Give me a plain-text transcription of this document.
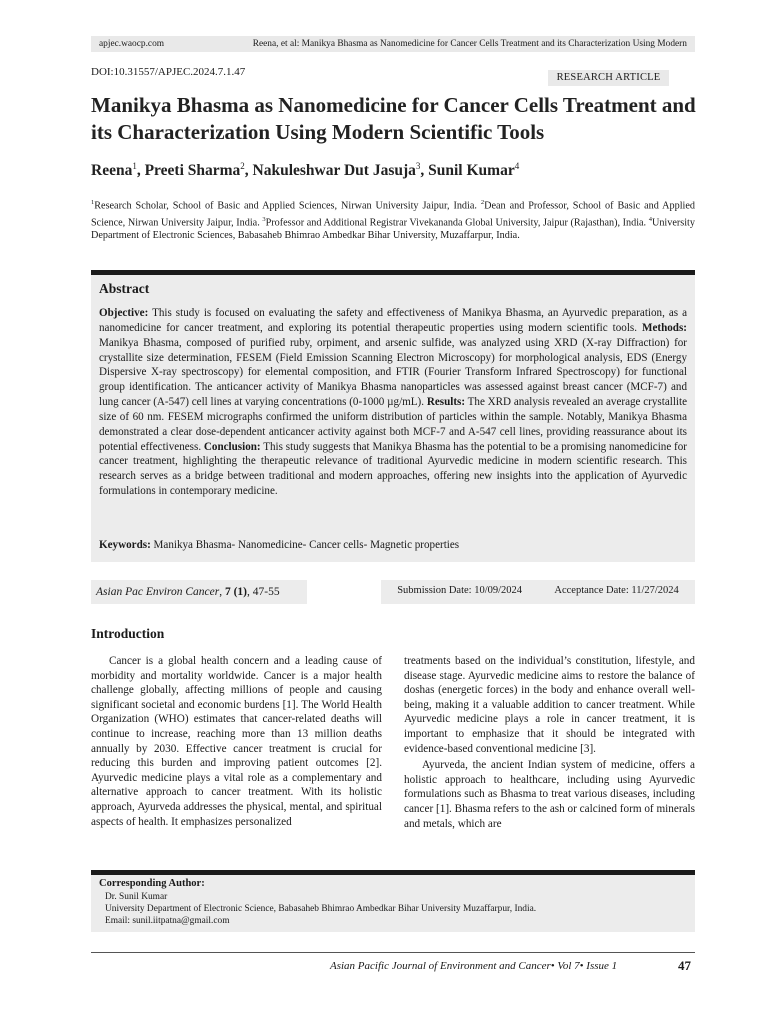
apjec.waocp.com	Reena, et al: Manikya Bhasma as Nanomedicine for Cancer Cells Treatment and its Characterization Using Modern
DOI:10.31557/APJEC.2024.7.1.47	RESEARCH ARTICLE
Manikya Bhasma as Nanomedicine for Cancer Cells Treatment and its Characterization Using Modern Scientific Tools
Reena$^1$, Preeti Sharma$^2$, Nakuleshwar Dut Jasuja$^3$, Sunil Kumar$^4$
$^1$Research Scholar, School of Basic and Applied Sciences, Nirwan University Jaipur, India. $^2$Dean and Professor, School of Basic and Applied Science, Nirwan University Jaipur, India. $^3$Professor and Additional Registrar Vivekananda Global University, Jaipur (Rajasthan), India. $^4$University Department of Electronic Sciences, Babasaheb Bhimrao Ambedkar Bihar University, Muzaffarpur, India.
Abstract
Objective: This study is focused on evaluating the safety and effectiveness of Manikya Bhasma, an Ayurvedic preparation, as a nanomedicine for cancer treatment, and exploring its potential therapeutic properties using modern scientific tools. Methods: Manikya Bhasma, composed of purified ruby, orpiment, and arsenic sulfide, was analyzed using XRD (X-ray Diffraction) for crystallite size determination, FESEM (Field Emission Scanning Electron Microscopy) for morphological analysis, EDS (Energy Dispersive X-ray spectroscopy) for elemental composition, and FTIR (Fourier Transform Infrared Spectroscopy) for functional group identification. The anticancer activity of Manikya Bhasma nanoparticles was assessed against breast cancer (MCF-7) and lung cancer (A-547) cell lines at varying concentrations (0-1000 µg/mL). Results: The XRD analysis revealed an average crystallite size of 60 nm. FESEM micrographs confirmed the uniform distribution of particles within the sample. Notably, Manikya Bhasma demonstrated a clear dose-dependent anticancer activity against both MCF-7 and A-547 cell lines, providing reassurance about its potential effectiveness. Conclusion: This study suggests that Manikya Bhasma has the potential to be a promising nanomedicine for cancer treatment, highlighting the therapeutic relevance of traditional Ayurvedic medicine in modern scientific research. This research serves as a bridge between traditional and modern approaches, offering new insights into the application of Ayurvedic formulations in contemporary medicine.
Keywords: Manikya Bhasma- Nanomedicine- Cancer cells- Magnetic properties
Asian Pac Environ Cancer, 7 (1), 47-55	Submission Date: 10/09/2024	Acceptance Date: 11/27/2024
Introduction

Cancer is a global health concern and a leading cause of morbidity and mortality worldwide. Cancer is a major health challenge globally, affecting millions of people and causing significant societal and economic burdens [1]. The World Health Organization (WHO) estimates that cancer-related deaths will continue to increase, reaching more than 13 million deaths annually by 2030. Effective cancer treatment is crucial for reducing this burden and improving patient outcomes [2]. Ayurvedic medicine plays a vital role as a complementary and alternative approach to cancer treatment. With its holistic approach, Ayurveda addresses the physical, mental, and spiritual aspects of health. It emphasizes personalized

treatments based on the individual’s constitution, lifestyle, and disease stage. Ayurvedic medicine aims to restore the balance of doshas (energetic forces) in the body and enhance overall well-being, making it a valuable addition to cancer treatment. While Ayurvedic medicine plays a role in cancer treatment, it is important to emphasize that it should be integrated with evidence-based conventional medicine [3].

Ayurveda, the ancient Indian system of medicine, offers a holistic approach to healthcare, including using Ayurvedic formulations such as Bhasma to treat various diseases, including cancer [1]. Bhasma refers to the ash or calcined form of minerals and metals, which are

Corresponding Author:
Dr. Sunil Kumar
University Department of Electronic Science, Babasaheb Bhimrao Ambedkar Bihar University Muzaffarpur, India.
Email: sunil.iitpatna@gmail.com
Asian Pacific Journal of Environment and Cancer• Vol 7• Issue 1	47
